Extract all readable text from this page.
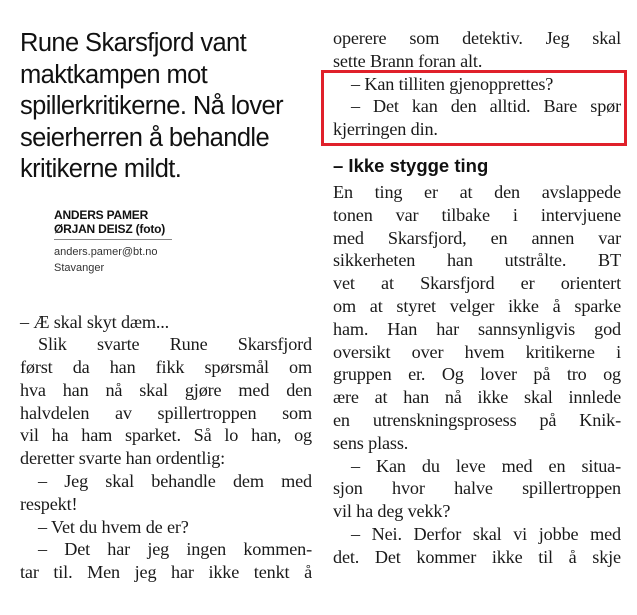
Rune Skarsfjord vant
maktkampen mot
spillerkritikerne. Nå lover
seierherren å behandle
kritikerne mildt.
ANDERS PAMER
ØRJAN DEISZ (foto)
anders.pamer@bt.no
Stavanger
– Æ skal skyt dæm...
Slik svarte Rune Skarsfjord
først da han fikk spørsmål om
hva han nå skal gjøre med den
halvdelen av spillertroppen som
vil ha ham sparket. Så lo han, og
deretter svarte han ordentlig:
– Jeg skal behandle dem med
respekt!
– Vet du hvem de er?
– Det har jeg ingen kommen-
tar til. Men jeg har ikke tenkt å
operere som detektiv. Jeg skal
sette Brann foran alt.
– Kan tilliten gjenopprettes?
– Det kan den alltid. Bare spør
kjerringen din.
– Ikke stygge ting
En ting er at den avslappede
tonen var tilbake i intervjuene
med Skarsfjord, en annen var
sikkerheten han utstrålte. BT
vet at Skarsfjord er orientert
om at styret velger ikke å sparke
ham. Han har sannsynligvis god
oversikt over hvem kritikerne i
gruppen er. Og lover på tro og
ære at han nå ikke skal innlede
en utrenskningsprosess på Knik-
sens plass.
– Kan du leve med en situa-
sjon hvor halve spillertroppen
vil ha deg vekk?
– Nei. Derfor skal vi jobbe med
det. Det kommer ikke til å skje
